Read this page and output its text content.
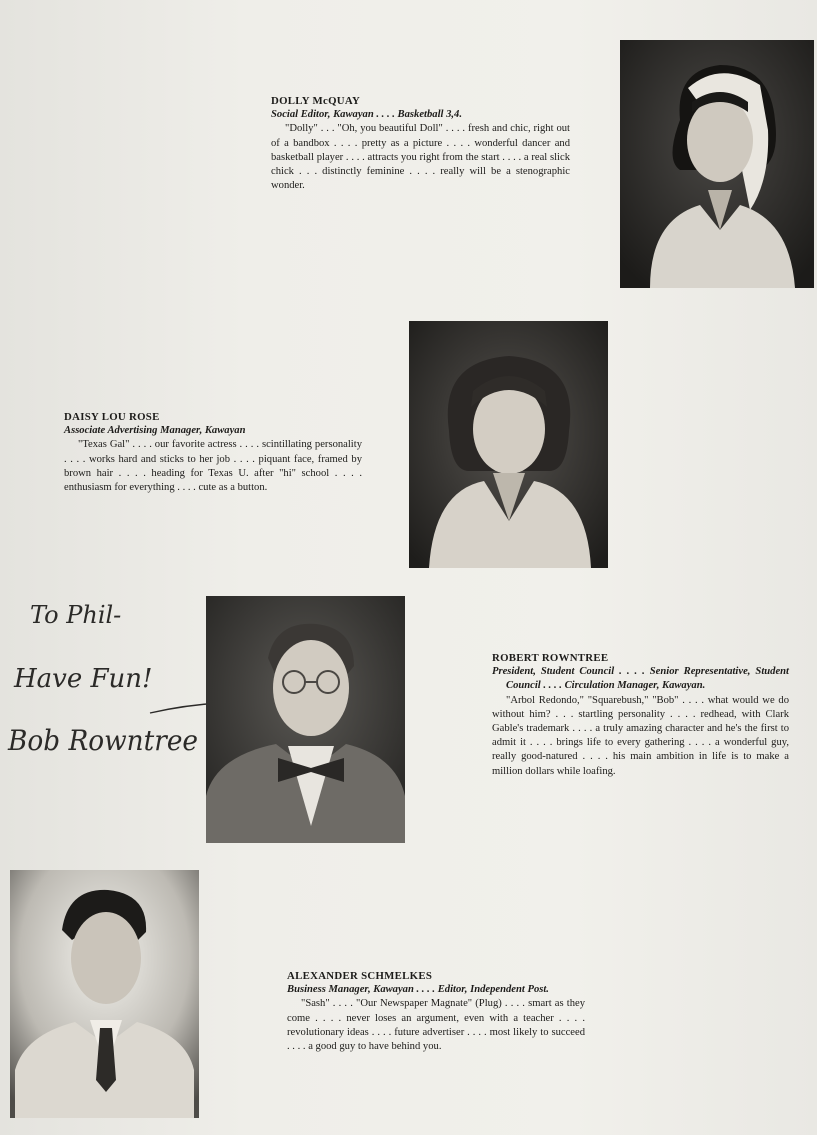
DOLLY McQUAY

Social Editor, Kawayan . . . . Basketball 3,4.

"Dolly" . . . "Oh, you beautiful Doll" . . . . fresh and chic, right out of a bandbox . . . . pretty as a picture . . . . wonderful dancer and basketball player . . . . attracts you right from the start . . . . a real slick chick . . . distinctly feminine . . . . really will be a stenographic wonder.

DAISY LOU ROSE

Associate Advertising Manager, Kawayan

"Texas Gal" . . . . our favorite actress . . . . scintillating personality . . . . works hard and sticks to her job . . . . piquant face, framed by brown hair . . . . heading for Texas U. after "hi" school . . . . enthusiasm for everything . . . . cute as a button.

To Phil-
Have Fun!
Bob Rowntree

ROBERT ROWNTREE

President, Student Council . . . . Senior Representative, Student Council . . . . Circulation Manager, Kawayan.

"Arbol Redondo," "Squarebush," "Bob" . . . . what would we do without him? . . . startling personality . . . . redhead, with Clark Gable's trademark . . . . a truly amazing character and he's the first to admit it . . . . brings life to every gathering . . . . a wonderful guy, really good-natured . . . . his main ambition in life is to make a million dollars while loafing.

ALEXANDER SCHMELKES

Business Manager, Kawayan . . . . Editor, Independent Post.

"Sash" . . . . "Our Newspaper Magnate" (Plug) . . . . smart as they come . . . . never loses an argument, even with a teacher . . . . revolutionary ideas . . . . future advertiser . . . . most likely to succeed . . . . a good guy to have behind you.
